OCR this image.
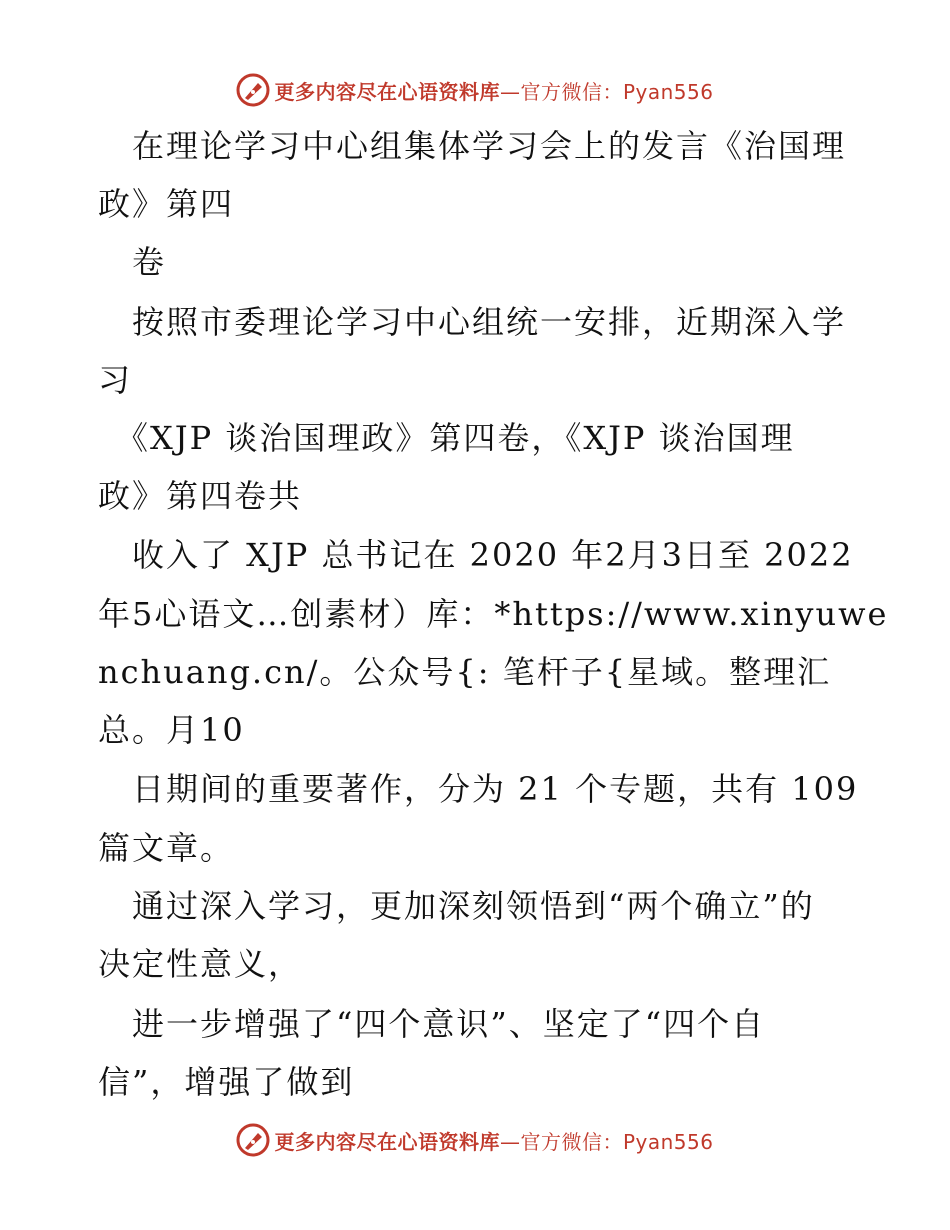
更多内容尽在心语资料库—官方微信：Pyan556
　在理论学习中心组集体学习会上的发言《治国理
政》第四
　卷
　按照市委理论学习中心组统一安排，近期深入学
习
　《XJP 谈治国理政》第四卷，《XJP 谈治国理
政》第四卷共
　收入了 XJP 总书记在 2020 年2月3日至 2022
年5心语文…创素材）库：*https://www.xinyuwe
nchuang.cn/。公众号{: 笔杆子{星域。整理汇
总。月10
　日期间的重要著作，分为 21 个专题，共有 109
篇文章。
　通过深入学习，更加深刻领悟到“两个确立”的
决定性意义，
　进一步增强了“四个意识”、坚定了“四个自
信”，增强了做到
更多内容尽在心语资料库—官方微信：Pyan556
